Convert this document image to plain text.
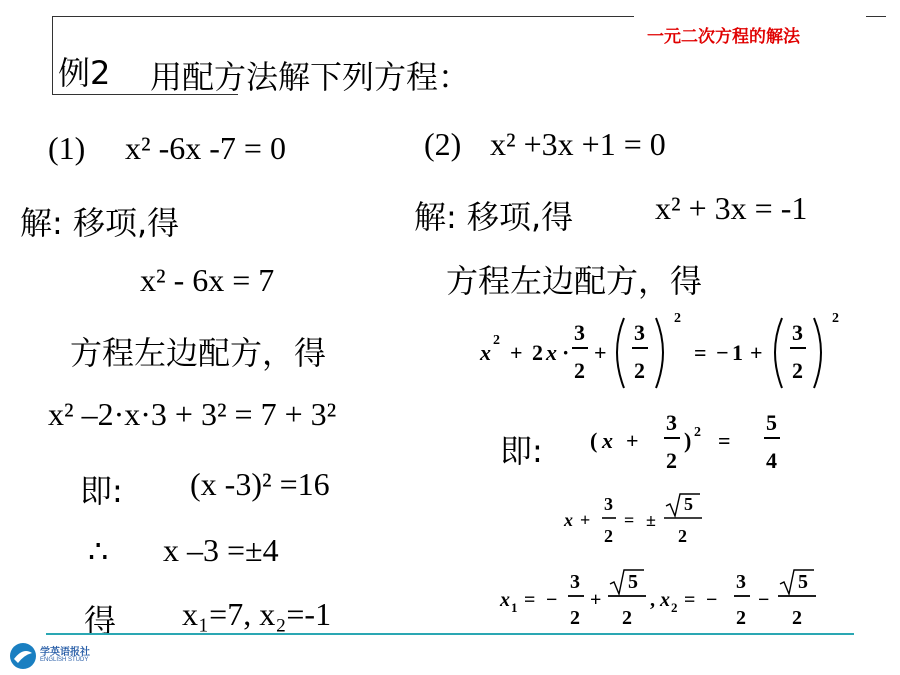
一元二次方程的解法
例2 用配方法解下列方程：
(1) x² -6x -7 = 0
解: 移项,得
x² - 6x = 7
方程左边配方，得
x² –2·x·3 + 3² = 7 + 3²
即: (x -3)² =16
∴ x –3 =±4
得 x₁=7, x₂=-1
(2) x² +3x +1 = 0
解: 移项,得	x² + 3x = -1
方程左边配方，得
x 2 + 2 x ·
3
2
+
3
2
2
= − 1 +
3
2
2
即: ( x +
3
2
) 2 =
5
4
x +
3
2
= ±
5
2
x 1 = −
3
2
+
5
2
, x 2 = −
3
2
−
5
2
学英语报社
ENGLISH STUDY
